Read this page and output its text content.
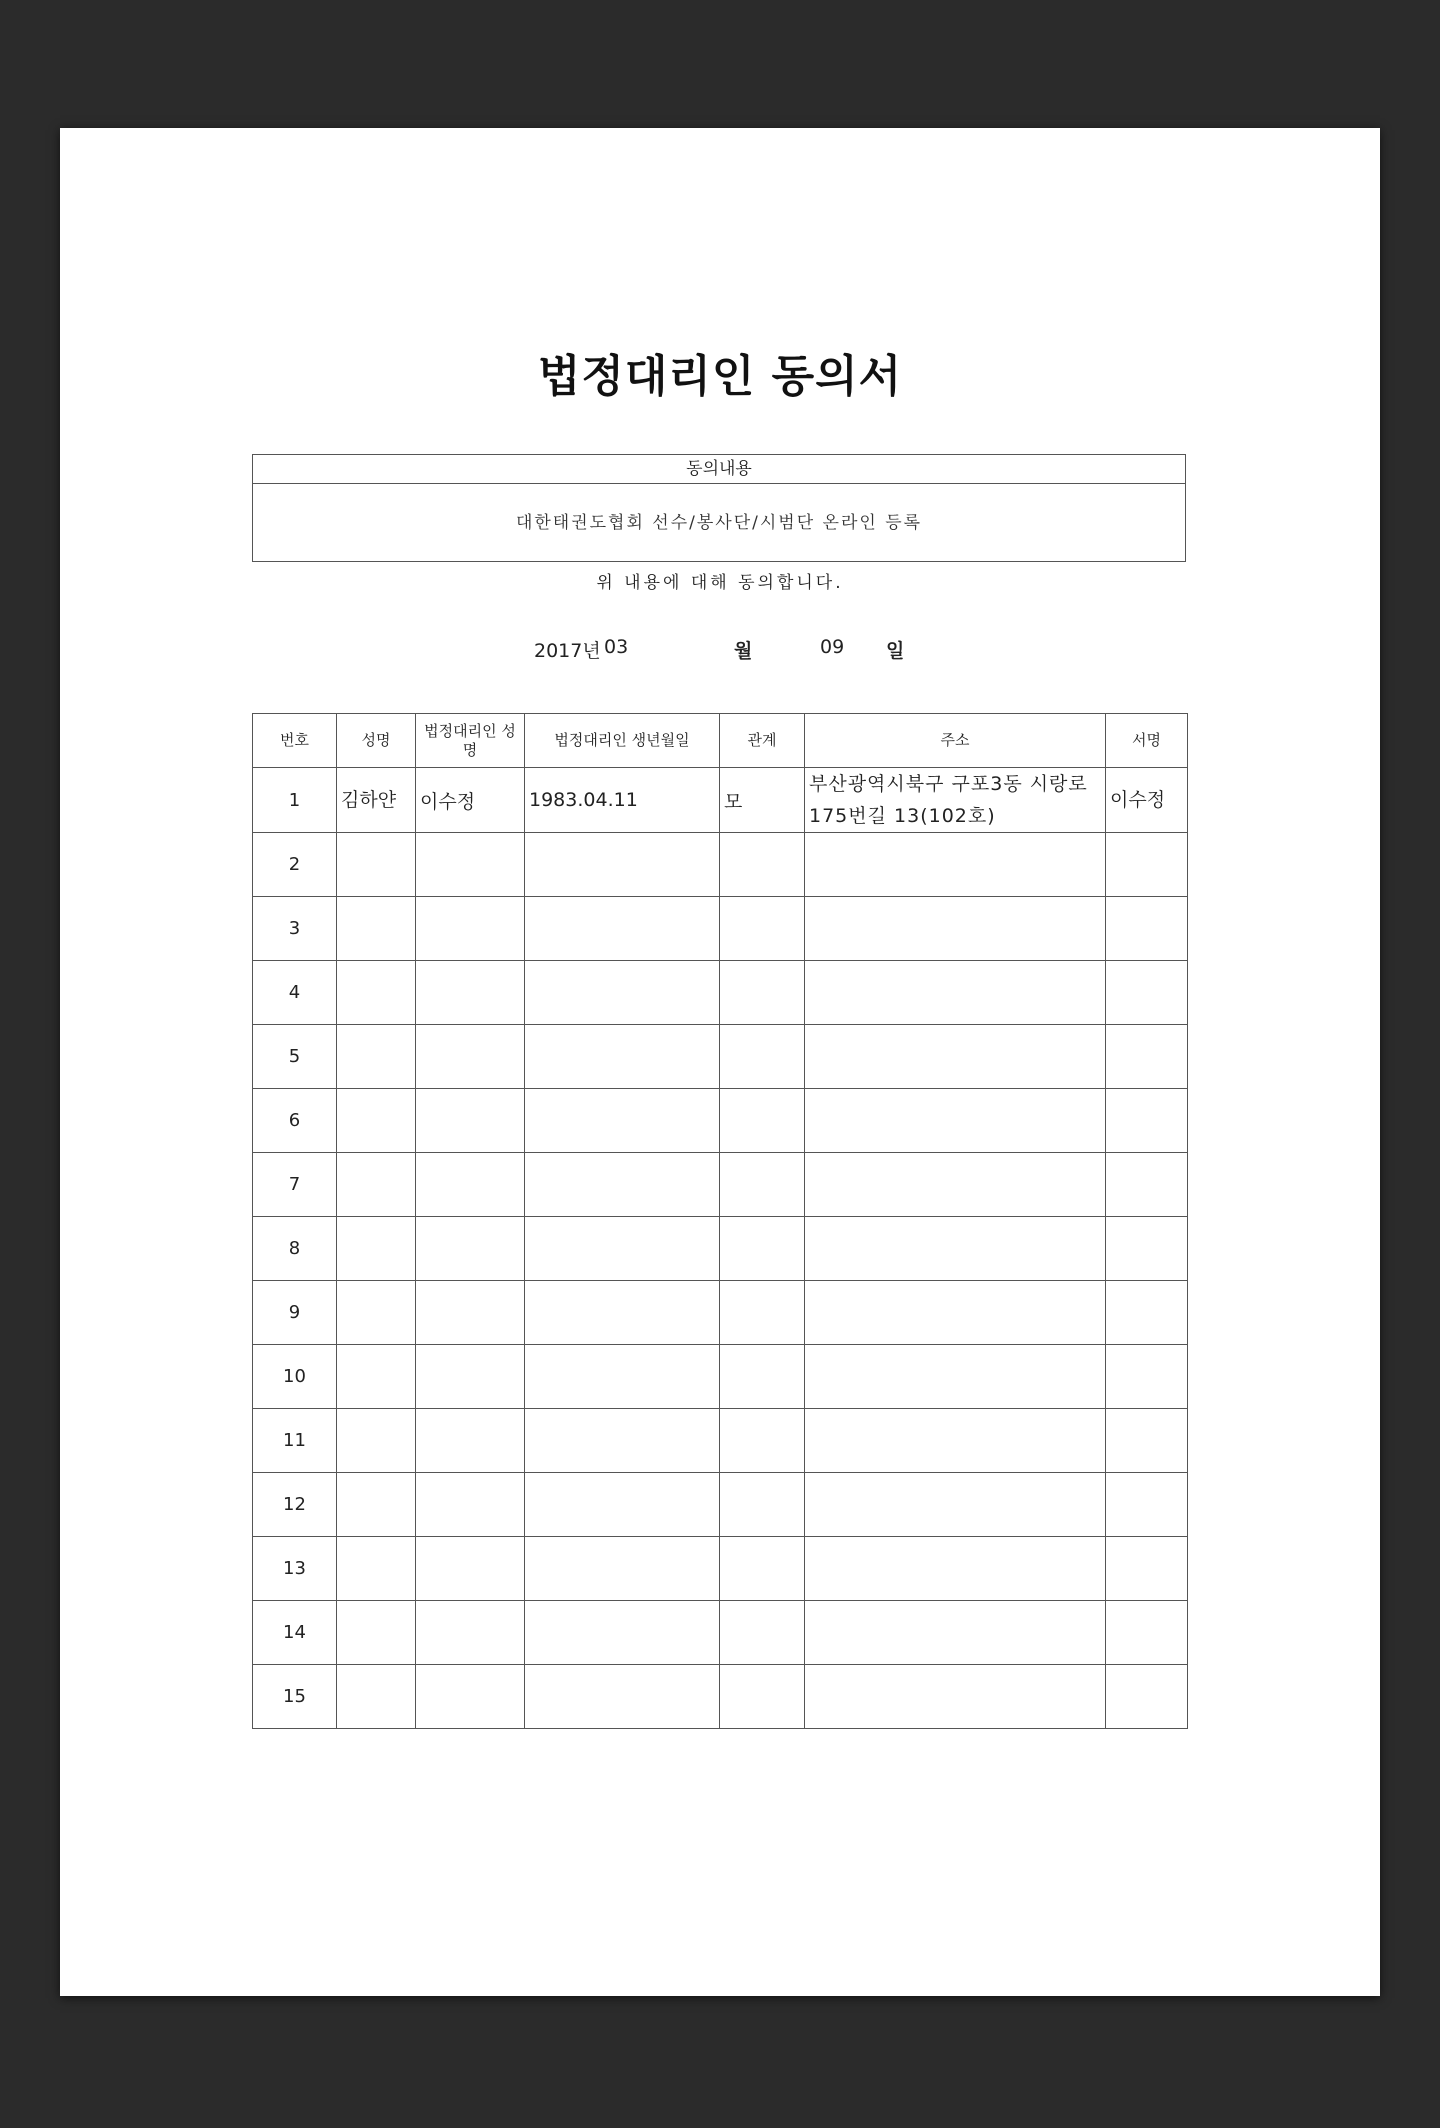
법정대리인 동의서
동의내용
대한태권도협회 선수/봉사단/시범단 온라인 등록
위 내용에 대해 동의합니다.
2017년 03	월	09 일
번호	성명	법정대리인 성명	법정대리인 생년월일	관계	주소	서명
1	김하얀	이수정	1983.04.11	모	부산광역시북구 구포3동 시랑로175번길 13(102호)	이수정
2						
3						
4						
5						
6						
7						
8						
9						
10						
11						
12						
13						
14						
15						
